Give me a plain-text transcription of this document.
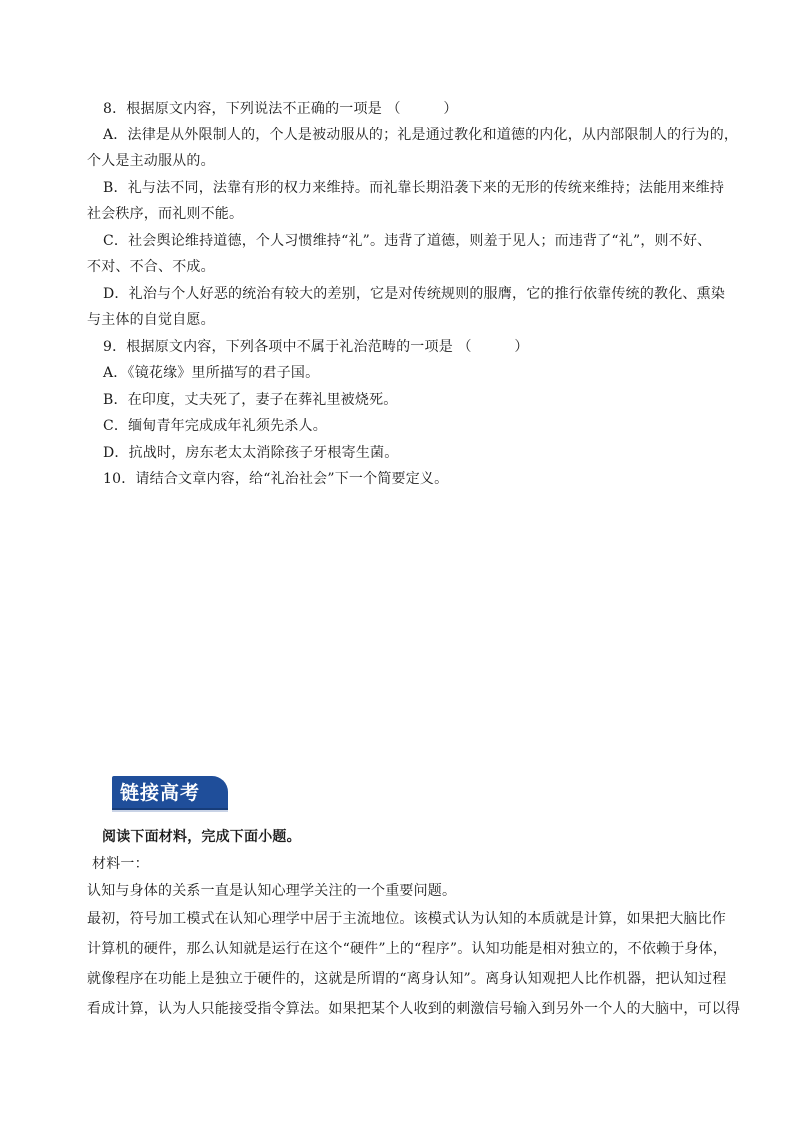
8．根据原文内容，下列说法不正确的一项是 （　　　）
A．法律是从外限制人的，个人是被动服从的；礼是通过教化和道德的内化，从内部限制人的行为的，
个人是主动服从的。
B．礼与法不同，法靠有形的权力来维持。而礼靠长期沿袭下来的无形的传统来维持；法能用来维持
社会秩序，而礼则不能。
C．社会舆论维持道德，个人习惯维持“礼”。违背了道德，则羞于见人；而违背了“礼”，则不好、
不对、不合、不成。
D．礼治与个人好恶的统治有较大的差别，它是对传统规则的服膺，它的推行依靠传统的教化、熏染
与主体的自觉自愿。
9．根据原文内容，下列各项中不属于礼治范畴的一项是 （　　　）
A．《镜花缘》里所描写的君子国。
B．在印度，丈夫死了，妻子在葬礼里被烧死。
C．缅甸青年完成成年礼须先杀人。
D．抗战时，房东老太太消除孩子牙根寄生菌。
10．请结合文章内容，给“礼治社会”下一个简要定义。
链接高考
阅读下面材料，完成下面小题。
材料一：
认知与身体的关系一直是认知心理学关注的一个重要问题。
最初，符号加工模式在认知心理学中居于主流地位。该模式认为认知的本质就是计算，如果把大脑比作
计算机的硬件，那么认知就是运行在这个“硬件”上的“程序”。认知功能是相对独立的，不依赖于身体，
就像程序在功能上是独立于硬件的，这就是所谓的“离身认知”。离身认知观把人比作机器，把认知过程
看成计算，认为人只能接受指令算法。如果把某个人收到的刺激信号输入到另外一个人的大脑中，可以得
